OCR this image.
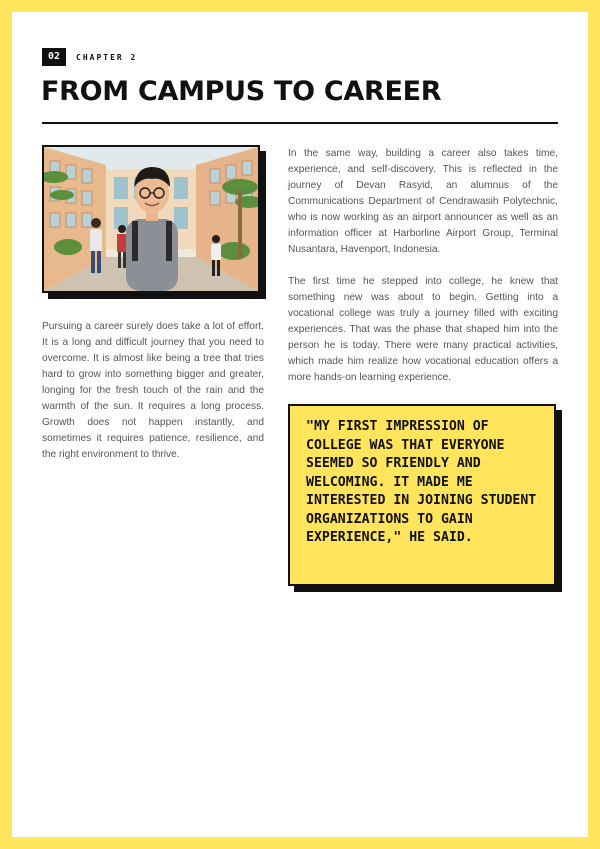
02	CHAPTER 2
FROM CAMPUS TO CAREER

Pursuing a career surely does take a lot of effort. It is a long and difficult journey that you need to overcome. It is almost like being a tree that tries hard to grow into something bigger and greater, longing for the fresh touch of the rain and the warmth of the sun. It requires a long process. Growth does not happen instantly, and sometimes it requires patience, resilience, and the right environment to thrive.

In the same way, building a career also takes time, experience, and self-discovery. This is reflected in the journey of Devan Rasyid, an alumnus of the Communications Department of Cendrawasih Polytechnic, who is now working as an airport announcer as well as an information officer at Harborline Airport Group, Terminal Nusantara, Havenport, Indonesia.

The first time he stepped into college, he knew that something new was about to begin. Getting into a vocational college was truly a journey filled with exciting experiences. That was the phase that shaped him into the person he is today. There were many practical activities, which made him realize how vocational education offers a more hands-on learning experience.

"MY FIRST IMPRESSION OF COLLEGE WAS THAT EVERYONE SEEMED SO FRIENDLY AND WELCOMING. IT MADE ME INTERESTED IN JOINING STUDENT ORGANIZATIONS TO GAIN EXPERIENCE," HE SAID.
